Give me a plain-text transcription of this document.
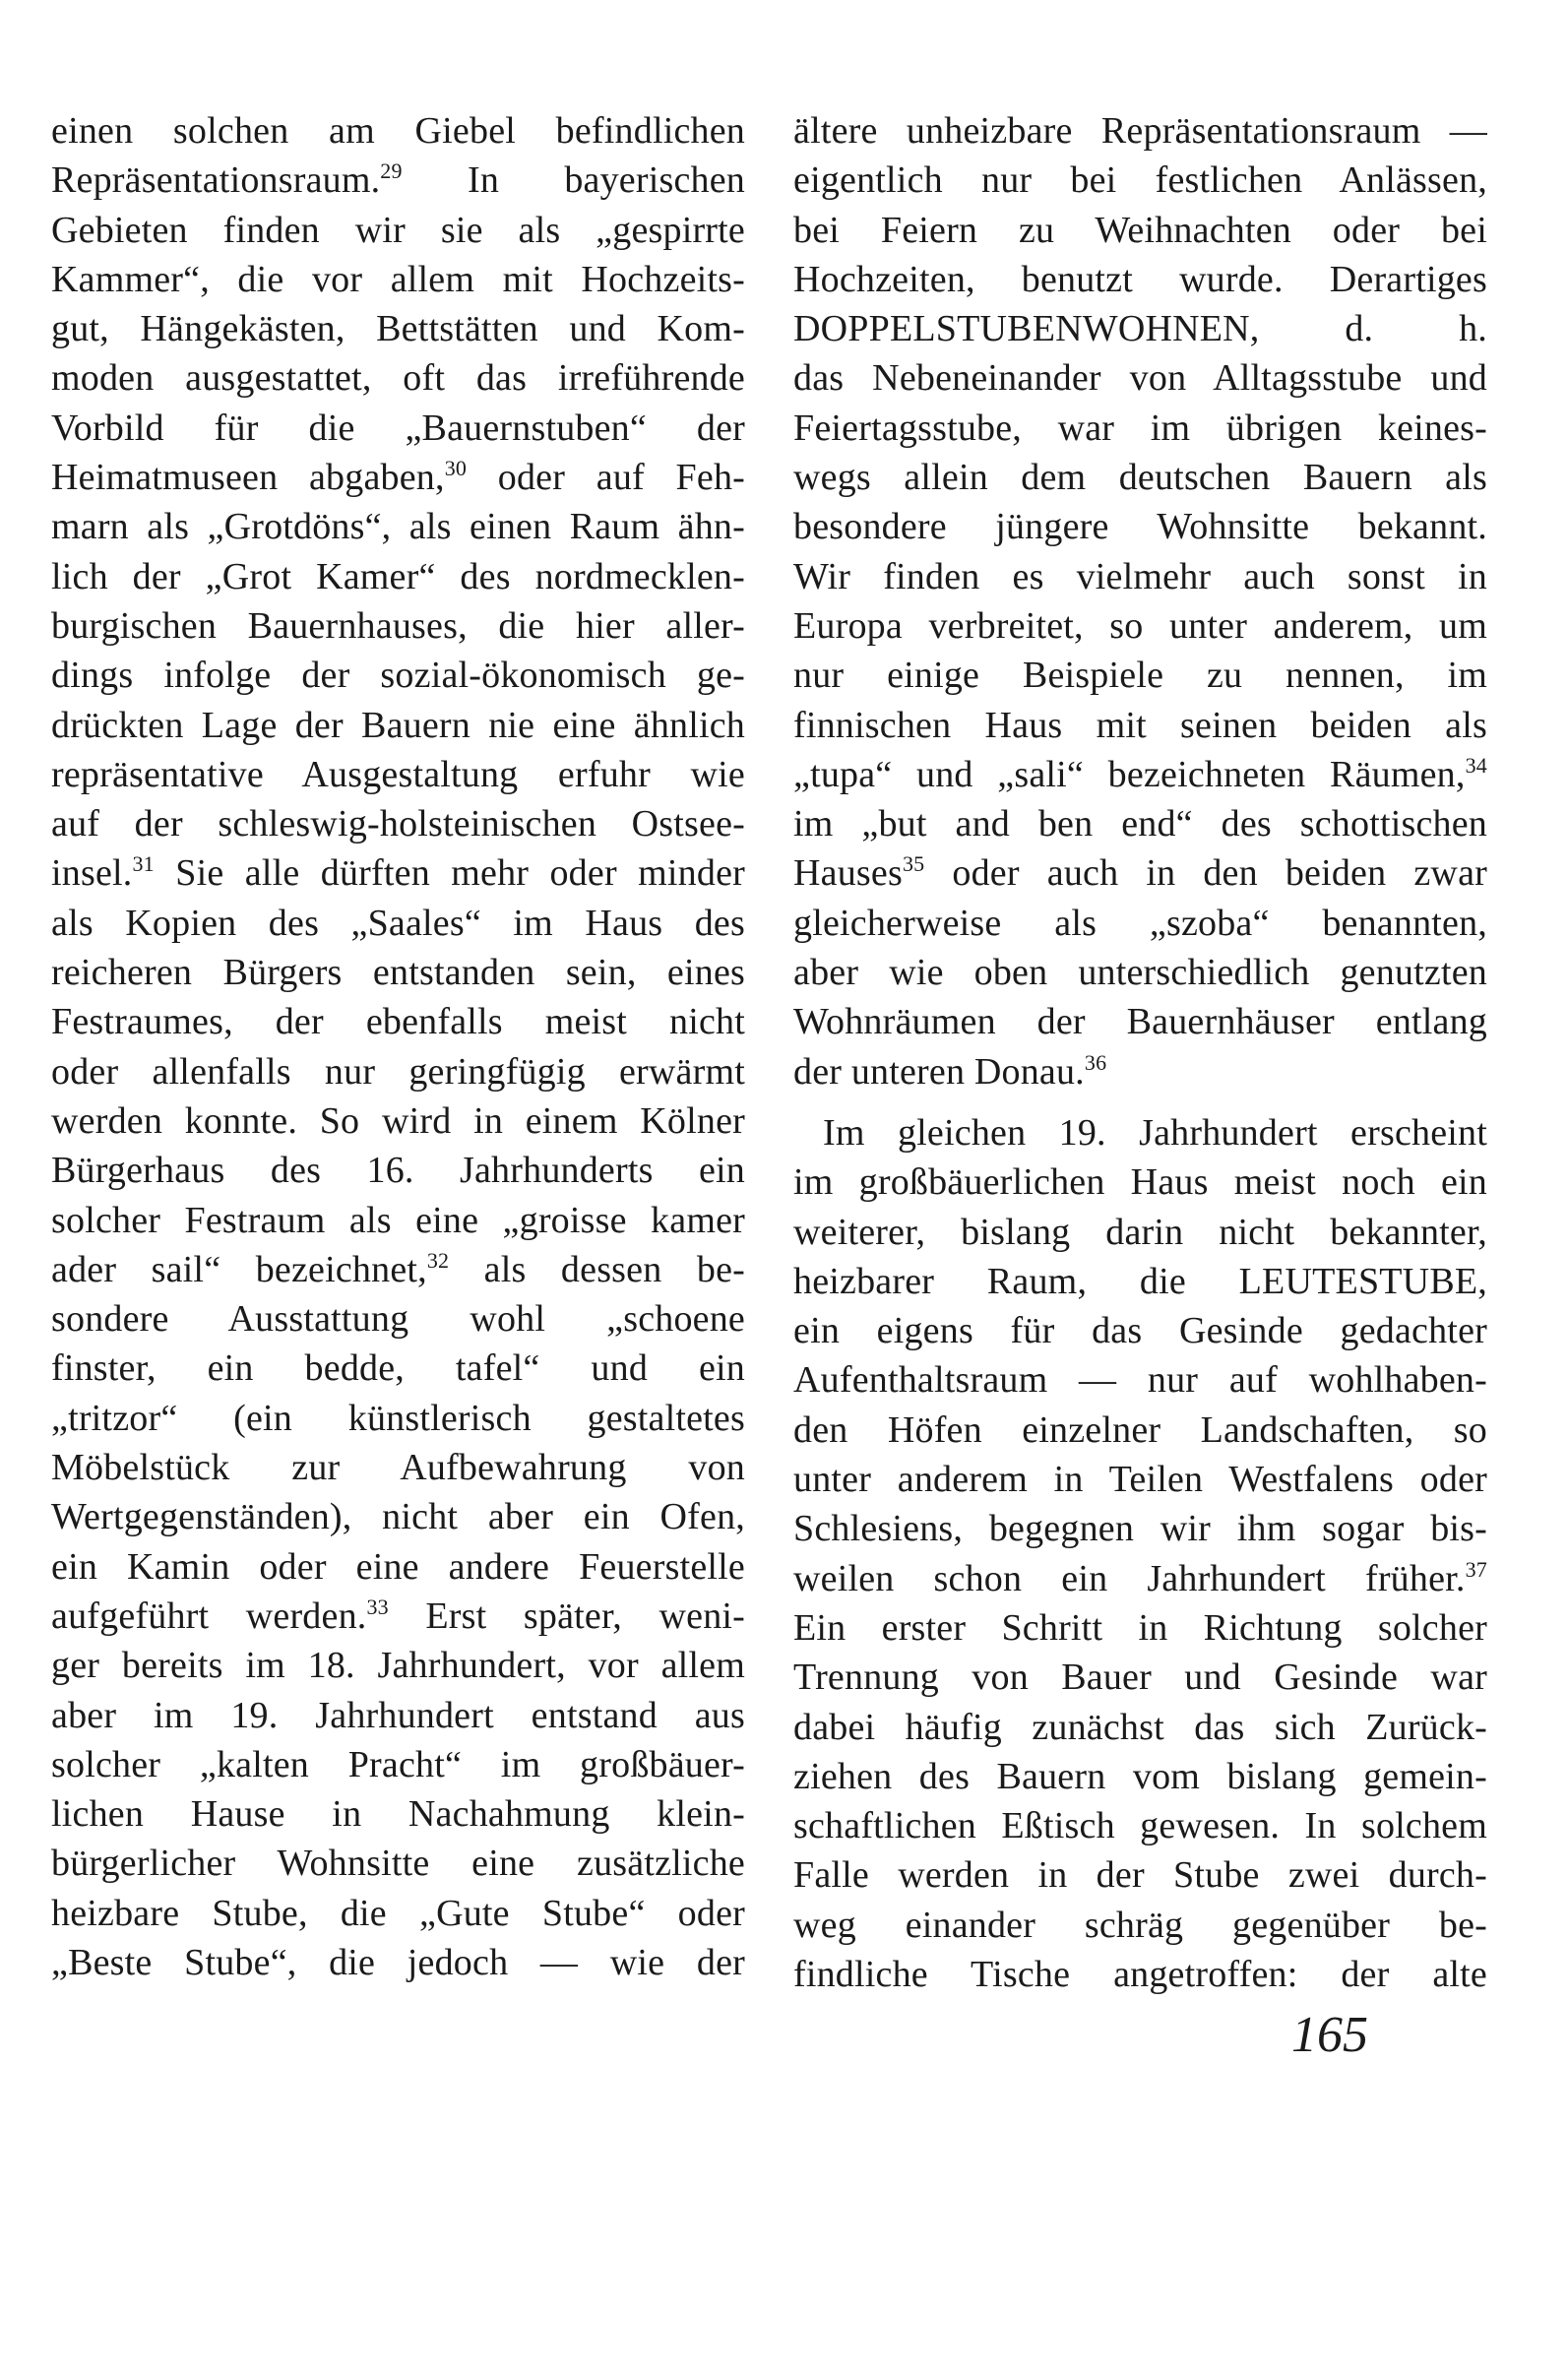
einen solchen am Giebel befindlichen
Repräsentationsraum.$^{29}$ In bayerischen
Gebieten finden wir sie als „gespirrte
Kammer“, die vor allem mit Hochzeits-
gut, Hängekästen, Bettstätten und Kom-
moden ausgestattet, oft das irreführende
Vorbild für die „Bauernstuben“ der
Heimatmuseen abgaben,$^{30}$ oder auf Feh-
marn als „Grotdöns“, als einen Raum ähn-
lich der „Grot Kamer“ des nordmecklen-
burgischen Bauernhauses, die hier aller-
dings infolge der sozial-ökonomisch ge-
drückten Lage der Bauern nie eine ähnlich
repräsentative Ausgestaltung erfuhr wie
auf der schleswig-holsteinischen Ostsee-
insel.$^{31}$ Sie alle dürften mehr oder minder
als Kopien des „Saales“ im Haus des
reicheren Bürgers entstanden sein, eines
Festraumes, der ebenfalls meist nicht
oder allenfalls nur geringfügig erwärmt
werden konnte. So wird in einem Kölner
Bürgerhaus des 16. Jahrhunderts ein
solcher Festraum als eine „groisse kamer
ader sail“ bezeichnet,$^{32}$ als dessen be-
sondere Ausstattung wohl „schoene
finster, ein bedde, tafel“ und ein
„tritzor“ (ein künstlerisch gestaltetes
Möbelstück zur Aufbewahrung von
Wertgegenständen), nicht aber ein Ofen,
ein Kamin oder eine andere Feuerstelle
aufgeführt werden.$^{33}$ Erst später, weni-
ger bereits im 18. Jahrhundert, vor allem
aber im 19. Jahrhundert entstand aus
solcher „kalten Pracht“ im großbäuer-
lichen Hause in Nachahmung klein-
bürgerlicher Wohnsitte eine zusätzliche
heizbare Stube, die „Gute Stube“ oder
„Beste Stube“, die jedoch — wie der
ältere unheizbare Repräsentationsraum —
eigentlich nur bei festlichen Anlässen,
bei Feiern zu Weihnachten oder bei
Hochzeiten, benutzt wurde. Derartiges
DOPPELSTUBENWOHNEN, d. h.
das Nebeneinander von Alltagsstube und
Feiertagsstube, war im übrigen keines-
wegs allein dem deutschen Bauern als
besondere jüngere Wohnsitte bekannt.
Wir finden es vielmehr auch sonst in
Europa verbreitet, so unter anderem, um
nur einige Beispiele zu nennen, im
finnischen Haus mit seinen beiden als
„tupa“ und „sali“ bezeichneten Räumen,$^{34}$
im „but and ben end“ des schottischen
Hauses$^{35}$ oder auch in den beiden zwar
gleicherweise als „szoba“ benannten,
aber wie oben unterschiedlich genutzten
Wohnräumen der Bauernhäuser entlang
der unteren Donau.$^{36}$
Im gleichen 19. Jahrhundert erscheint
im großbäuerlichen Haus meist noch ein
weiterer, bislang darin nicht bekannter,
heizbarer Raum, die LEUTESTUBE,
ein eigens für das Gesinde gedachter
Aufenthaltsraum — nur auf wohlhaben-
den Höfen einzelner Landschaften, so
unter anderem in Teilen Westfalens oder
Schlesiens, begegnen wir ihm sogar bis-
weilen schon ein Jahrhundert früher.$^{37}$
Ein erster Schritt in Richtung solcher
Trennung von Bauer und Gesinde war
dabei häufig zunächst das sich Zurück-
ziehen des Bauern vom bislang gemein-
schaftlichen Eßtisch gewesen. In solchem
Falle werden in der Stube zwei durch-
weg einander schräg gegenüber be-
findliche Tische angetroffen: der alte
165
